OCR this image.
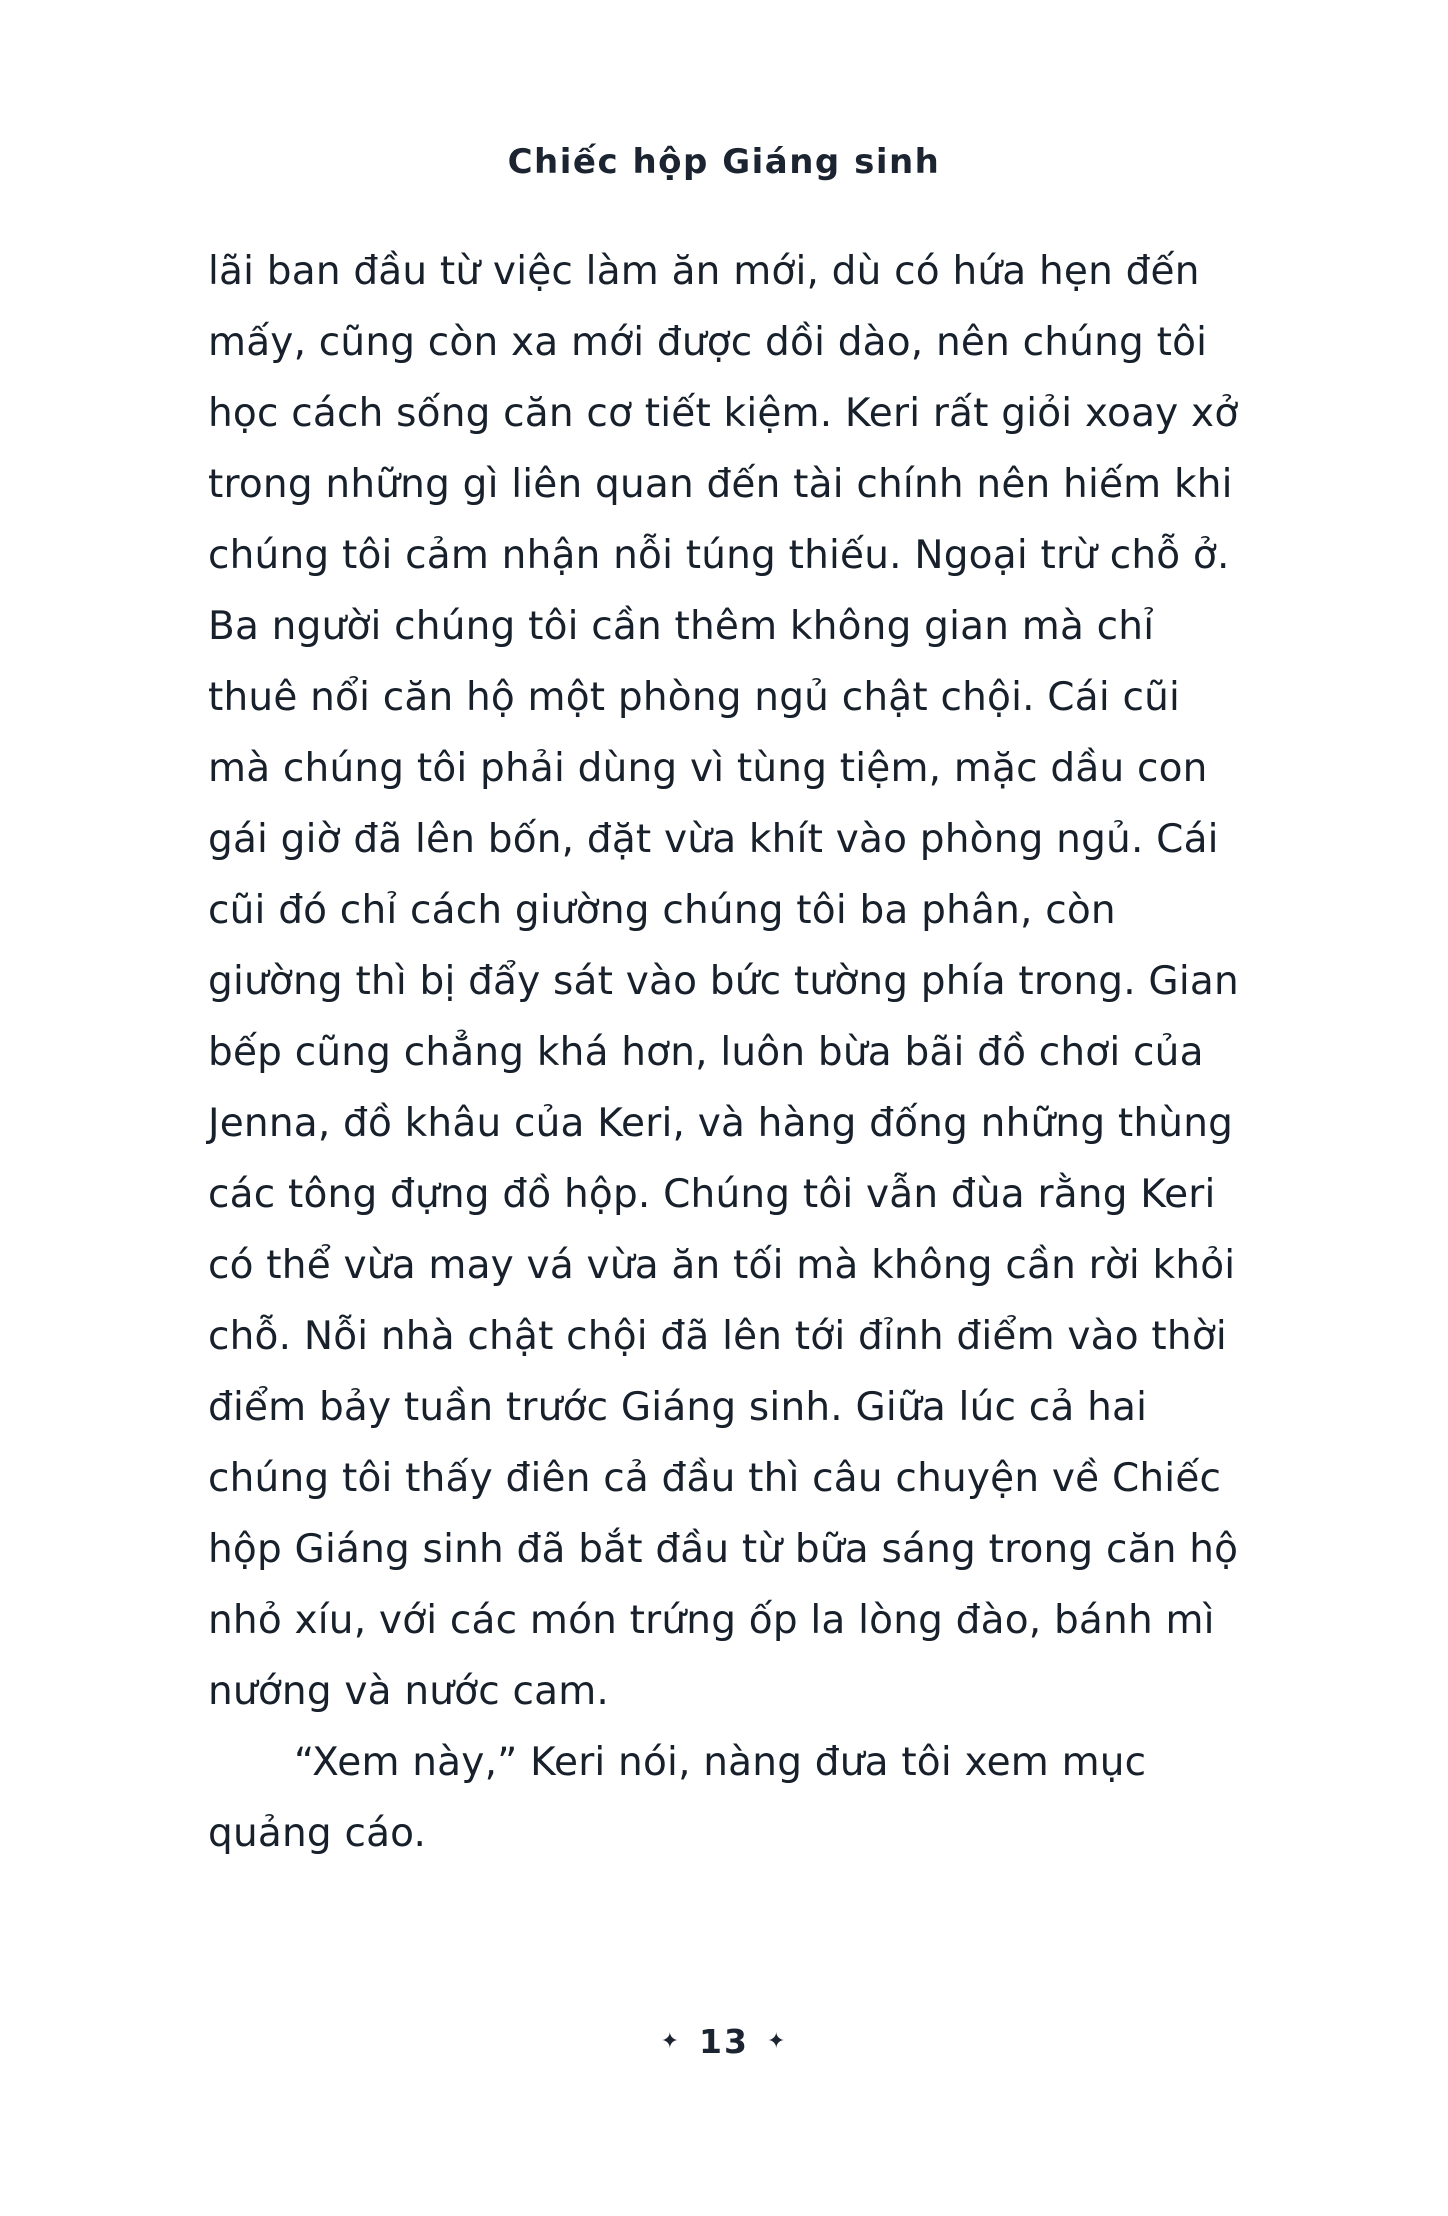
Chiếc hộp Giáng sinh

lãi ban đầu từ việc làm ăn mới, dù có hứa hẹn đến mấy, cũng còn xa mới được dồi dào, nên chúng tôi học cách sống căn cơ tiết kiệm. Keri rất giỏi xoay xở trong những gì liên quan đến tài chính nên hiếm khi chúng tôi cảm nhận nỗi túng thiếu. Ngoại trừ chỗ ở. Ba người chúng tôi cần thêm không gian mà chỉ thuê nổi căn hộ một phòng ngủ chật chội. Cái cũi mà chúng tôi phải dùng vì tùng tiệm, mặc dầu con gái giờ đã lên bốn, đặt vừa khít vào phòng ngủ. Cái cũi đó chỉ cách giường chúng tôi ba phân, còn giường thì bị đẩy sát vào bức tường phía trong. Gian bếp cũng chẳng khá hơn, luôn bừa bãi đồ chơi của Jenna, đồ khâu của Keri, và hàng đống những thùng các tông đựng đồ hộp. Chúng tôi vẫn đùa rằng Keri có thể vừa may vá vừa ăn tối mà không cần rời khỏi chỗ. Nỗi nhà chật chội đã lên tới đỉnh điểm vào thời điểm bảy tuần trước Giáng sinh. Giữa lúc cả hai chúng tôi thấy điên cả đầu thì câu chuyện về Chiếc hộp Giáng sinh đã bắt đầu từ bữa sáng trong căn hộ nhỏ xíu, với các món trứng ốp la lòng đào, bánh mì nướng và nước cam.

“Xem này,” Keri nói, nàng đưa tôi xem mục quảng cáo.

✦ 13 ✦
